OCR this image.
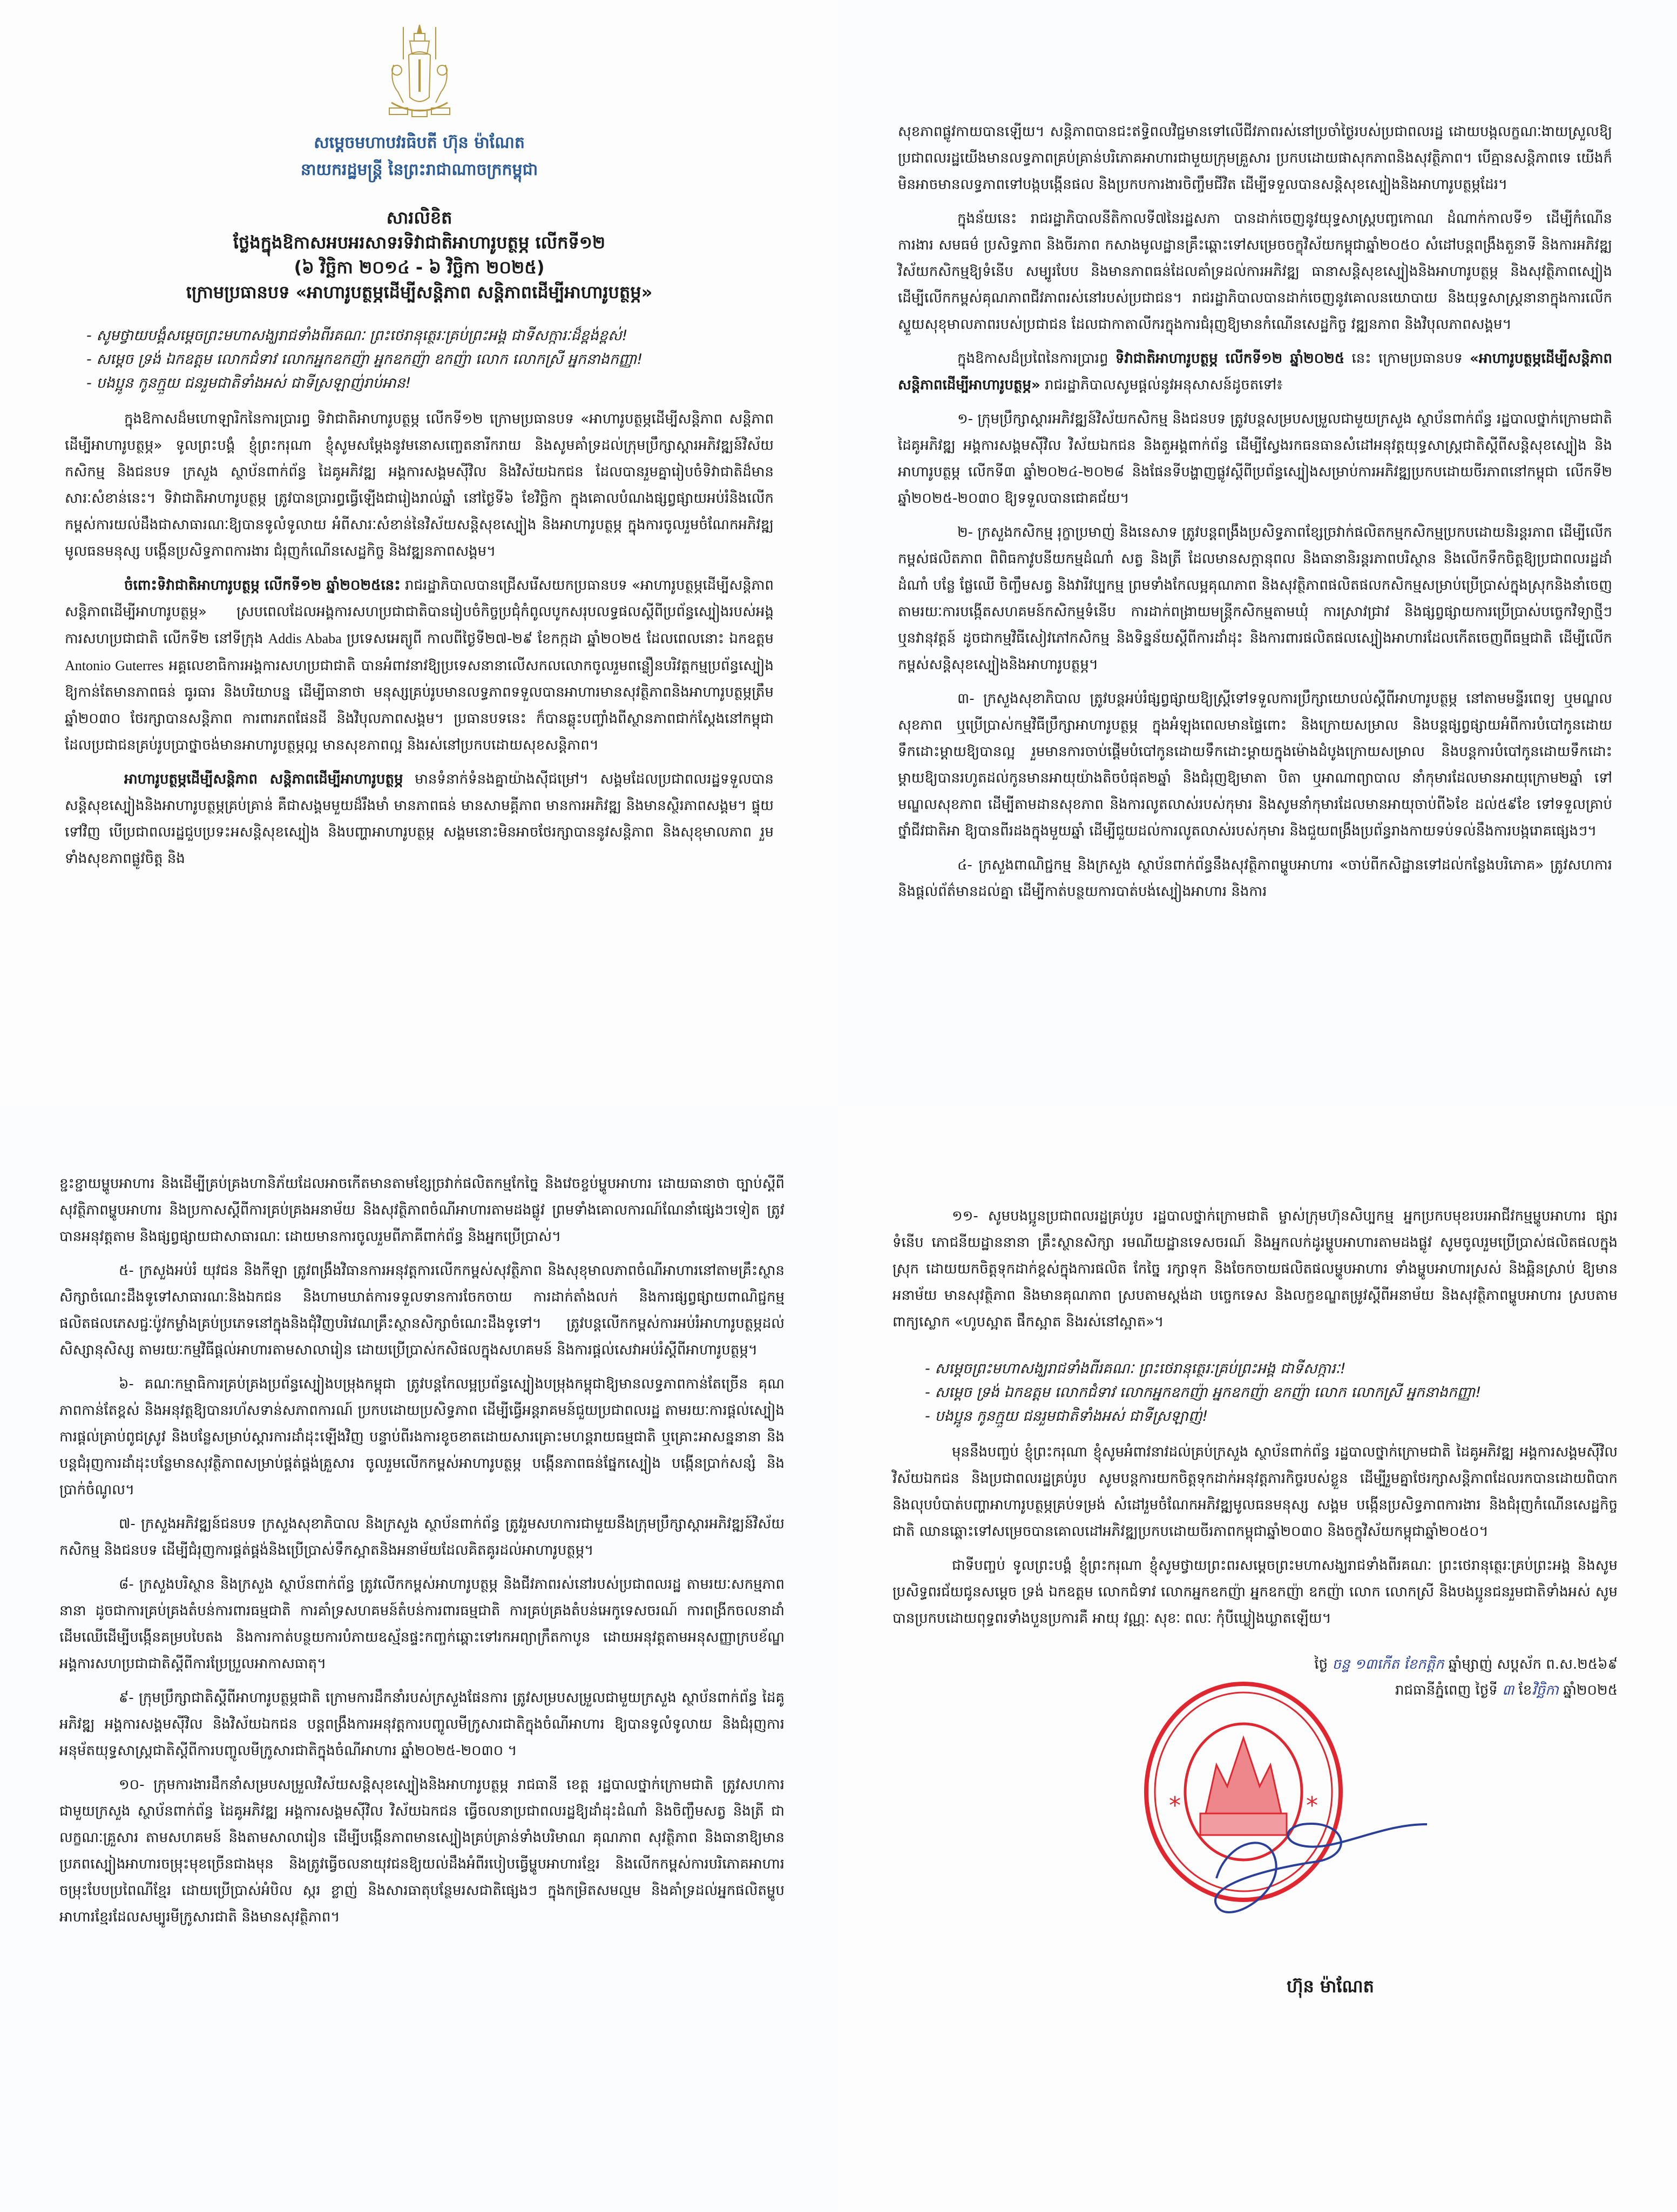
សម្តេចមហាបវរធិបតី ហ៊ុន ម៉ាណែត
នាយករដ្ឋមន្ត្រី នៃព្រះរាជាណាចក្រកម្ពុជា
សារលិខិត
ថ្លែងក្នុងឱកាសអបអរសាទរទិវាជាតិអាហារូបត្ថម្ភ លើកទី១២
(៦ វិច្ឆិកា ២០១៤ - ៦ វិច្ឆិកា ២០២៥)
ក្រោមប្រធានបទ «អាហារូបត្ថម្ភដើម្បីសន្តិភាព សន្តិភាពដើម្បីអាហារូបត្ថម្ភ»

- សូមថ្វាយបង្គំសម្តេចព្រះមហាសង្ឃរាជទាំងពីរគណៈ ព្រះថេរានុត្ថេរៈគ្រប់ព្រះអង្គ ជាទីសក្ការៈដ៏ខ្ពង់ខ្ពស់!

- សម្តេច ទ្រង់ ឯកឧត្តម លោកជំទាវ លោកអ្នកឧកញ៉ា អ្នកឧកញ៉ា ឧកញ៉ា លោក លោកស្រី អ្នកនាងកញ្ញា!

- បងប្អូន កូនក្មួយ ជនរួមជាតិទាំងអស់ ជាទីស្រឡាញ់រាប់អាន!

ក្នុងឱកាសដ៏មហោឡារិកនៃការប្រារព្ធ ទិវាជាតិអាហារូបត្ថម្ភ លើកទី១២ ក្រោមប្រធានបទ «អាហារូបត្ថម្ភដើម្បីសន្តិភាព សន្តិភាពដើម្បីអាហារូបត្ថម្ភ» ទូលព្រះបង្គំ ខ្ញុំព្រះករុណា ខ្ញុំសូមសម្តែងនូវមនោសញ្ចេតនារីករាយ និងសូមគាំទ្រដល់ក្រុមប្រឹក្សាស្តារអភិវឌ្ឍន៍វិស័យកសិកម្ម និងជនបទ ក្រសួង ស្ថាប័នពាក់ព័ន្ធ ដៃគូអភិវឌ្ឍ អង្គការសង្គមស៊ីវិល និងវិស័យឯកជន ដែលបានរួមគ្នារៀបចំទិវាជាតិដ៏មានសារៈសំខាន់នេះ។ ទិវាជាតិអាហារូបត្ថម្ភ ត្រូវបានប្រារព្ធធ្វើឡើងជារៀងរាល់ឆ្នាំ នៅថ្ងៃទី៦ ខែវិច្ឆិកា ក្នុងគោលបំណងផ្សព្វផ្សាយអប់រំនិងលើកកម្ពស់ការយល់ដឹងជាសាធារណៈឱ្យបានទូលំទូលាយ អំពីសារៈសំខាន់នៃវិស័យសន្តិសុខស្បៀង និងអាហារូបត្ថម្ភ ក្នុងការចូលរួមចំណែកអភិវឌ្ឍមូលធនមនុស្ស បង្កើនប្រសិទ្ធភាពការងារ ជំរុញកំណើនសេដ្ឋកិច្ច និងវឌ្ឍនភាពសង្គម។

ចំពោះទិវាជាតិអាហារូបត្ថម្ភ លើកទី១២ ឆ្នាំ២០២៥នេះ រាជរដ្ឋាភិបាលបានជ្រើសរើសយកប្រធានបទ «អាហារូបត្ថម្ភដើម្បីសន្តិភាព សន្តិភាពដើម្បីអាហារូបត្ថម្ភ» ស្របពេលដែលអង្គការសហប្រជាជាតិបានរៀបចំកិច្ចប្រជុំកំពូលបូកសរុបលទ្ធផលស្តីពីប្រព័ន្ធស្បៀងរបស់អង្គការសហប្រជាជាតិ លើកទី២ នៅទីក្រុង Addis Ababa ប្រទេសអេត្យូពី កាលពីថ្ងៃទី២៧-២៩ ខែកក្កដា ឆ្នាំ២០២៥ ដែលពេលនោះ ឯកឧត្តម Antonio Guterres អគ្គលេខាធិការអង្គការសហប្រជាជាតិ បានអំពាវនាវឱ្យប្រទេសនានាលើសកលលោកចូលរួមពន្លឿនបរិវត្តកម្មប្រព័ន្ធស្បៀង ឱ្យកាន់តែមានភាពធន់ ធូរធារ និងបរិយាបន្ន ដើម្បីធានាថា មនុស្សគ្រប់រូបមានលទ្ធភាពទទួលបានអាហារមានសុវត្ថិភាពនិងអាហារូបត្ថម្ភត្រឹមឆ្នាំ២០៣០ ថែរក្សាបានសន្តិភាព ការពារភពផែនដី និងវិបុលភាពសង្គម។ ប្រធានបទនេះ ក៏បានឆ្លុះបញ្ចាំងពីស្ថានភាពជាក់ស្តែងនៅកម្ពុជា ដែលប្រជាជនគ្រប់រូបប្រាថ្នាចង់មានអាហារូបត្ថម្ភល្អ មានសុខភាពល្អ និងរស់នៅប្រកបដោយសុខសន្តិភាព។

អាហារូបត្ថម្ភដើម្បីសន្តិភាព សន្តិភាពដើម្បីអាហារូបត្ថម្ភ មានទំនាក់ទំនងគ្នាយ៉ាងស៊ីជម្រៅ។ សង្គមដែលប្រជាពលរដ្ឋទទួលបានសន្តិសុខស្បៀងនិងអាហារូបត្ថម្ភគ្រប់គ្រាន់ គឺជាសង្គមមួយដ៏រឹងមាំ មានភាពធន់ មានសាមគ្គីភាព មានការអភិវឌ្ឍ និងមានស្ថិរភាពសង្គម។ ផ្ទុយទៅវិញ បើប្រជាពលរដ្ឋជួបប្រទះអសន្តិសុខស្បៀង និងបញ្ហាអាហារូបត្ថម្ភ សង្គមនោះមិនអាចថែរក្សាបាននូវសន្តិភាព និងសុខុមាលភាព រួមទាំងសុខភាពផ្លូវចិត្ត និង

សុខភាពផ្លូវកាយបានឡើយ។ សន្តិភាពបានជះឥទ្ធិពលវិជ្ជមានទៅលើជីវភាពរស់នៅប្រចាំថ្ងៃរបស់ប្រជាពលរដ្ឋ ដោយបង្កលក្ខណៈងាយស្រួលឱ្យប្រជាពលរដ្ឋយើងមានលទ្ធភាពគ្រប់គ្រាន់បរិភោគអាហារជាមួយក្រុមគ្រួសារ ប្រកបដោយផាសុកភាពនិងសុវត្ថិភាព។ បើគ្មានសន្តិភាពទេ យើងក៏មិនអាចមានលទ្ធភាពទៅបង្កបង្កើនផល និងប្រកបការងារចិញ្ចឹមជីវិត ដើម្បីទទួលបានសន្តិសុខស្បៀងនិងអាហារូបត្ថម្ភដែរ។

ក្នុងន័យនេះ រាជរដ្ឋាភិបាលនីតិកាលទី៧នៃរដ្ឋសភា បានដាក់ចេញនូវយុទ្ធសាស្ត្របញ្ចកោណ ដំណាក់កាលទី១ ដើម្បីកំណើន ការងារ សមធម៌ ប្រសិទ្ធភាព និងចីរភាព កសាងមូលដ្ឋានគ្រឹះឆ្ពោះទៅសម្រេចចក្ខុវិស័យកម្ពុជាឆ្នាំ២០៥០ សំដៅបន្តពង្រឹងតួនាទី និងការអភិវឌ្ឍវិស័យកសិកម្មឱ្យទំនើប សម្បូរបែប និងមានភាពធន់ដែលគាំទ្រដល់ការអភិវឌ្ឍ ធានាសន្តិសុខស្បៀងនិងអាហារូបត្ថម្ភ និងសុវត្ថិភាពស្បៀង ដើម្បីលើកកម្ពស់គុណភាពជីវភាពរស់នៅរបស់ប្រជាជន។ រាជរដ្ឋាភិបាលបានដាក់ចេញនូវគោលនយោបាយ និងយុទ្ធសាស្ត្រនានាក្នុងការលើកស្ទួយសុខុមាលភាពរបស់ប្រជាជន ដែលជាកាតាលីករក្នុងការជំរុញឱ្យមានកំណើនសេដ្ឋកិច្ច វឌ្ឍនភាព និងវិបុលភាពសង្គម។

ក្នុងឱកាសដ៏ប្រពៃនៃការប្រារព្ធ ទិវាជាតិអាហារូបត្ថម្ភ លើកទី១២ ឆ្នាំ២០២៥ នេះ ក្រោមប្រធានបទ «អាហារូបត្ថម្ភដើម្បីសន្តិភាព សន្តិភាពដើម្បីអាហារូបត្ថម្ភ» រាជរដ្ឋាភិបាលសូមផ្តល់នូវអនុសាសន៍ដូចតទៅ៖

១- ក្រុមប្រឹក្សាស្តារអភិវឌ្ឍន៍វិស័យកសិកម្ម និងជនបទ ត្រូវបន្តសម្របសម្រួលជាមួយក្រសួង ស្ថាប័នពាក់ព័ន្ធ រដ្ឋបាលថ្នាក់ក្រោមជាតិ ដៃគូអភិវឌ្ឍ អង្គការសង្គមស៊ីវិល វិស័យឯកជន និងតួអង្គពាក់ព័ន្ធ ដើម្បីស្វែងរកធនធានសំដៅអនុវត្តយុទ្ធសាស្ត្រជាតិស្តីពីសន្តិសុខស្បៀង និងអាហារូបត្ថម្ភ លើកទី៣ ឆ្នាំ២០២៤-២០២៨ និងផែនទីបង្ហាញផ្លូវស្តីពីប្រព័ន្ធស្បៀងសម្រាប់ការអភិវឌ្ឍប្រកបដោយចីរភាពនៅកម្ពុជា លើកទី២ ឆ្នាំ២០២៥-២០៣០ ឱ្យទទួលបានជោគជ័យ។

២- ក្រសួងកសិកម្ម រុក្ខាប្រមាញ់ និងនេសាទ ត្រូវបន្តពង្រឹងប្រសិទ្ធភាពខ្សែច្រវាក់ផលិតកម្មកសិកម្មប្រកបដោយនិរន្តរភាព ដើម្បីលើកកម្ពស់ផលិតភាព ពិពិធកាវូបនីយកម្មដំណាំ សត្វ និងត្រី ដែលមានសក្តានុពល និងធានានិរន្តរភាពបរិស្ថាន និងលើកទឹកចិត្តឱ្យប្រជាពលរដ្ឋដាំដំណាំ បន្លែ ផ្លែឈើ ចិញ្ចឹមសត្វ និងវារីវប្បកម្ម ព្រមទាំងកែលម្អគុណភាព និងសុវត្ថិភាពផលិតផលកសិកម្មសម្រាប់ប្រើប្រាស់ក្នុងស្រុកនិងនាំចេញ តាមរយៈការបង្កើតសហគមន៍កសិកម្មទំនើប ការដាក់ពង្រាយមន្ត្រីកសិកម្មតាមឃុំ ការស្រាវជ្រាវ និងផ្សព្វផ្សាយការប្រើប្រាស់បច្ចេកវិទ្យាថ្មីៗ ឬនវានុវត្តន៍ ដូចជាកម្មវិធីសៀវភៅកសិកម្ម និងទិន្នន័យស្តីពីការដាំដុះ និងការពារផលិតផលស្បៀងអាហារដែលកើតចេញពីធម្មជាតិ ដើម្បីលើកកម្ពស់សន្តិសុខស្បៀងនិងអាហារូបត្ថម្ភ។

៣- ក្រសួងសុខាភិបាល ត្រូវបន្តអប់រំផ្សព្វផ្សាយឱ្យស្ត្រីទៅទទួលការប្រឹក្សាយោបល់ស្តីពីអាហារូបត្ថម្ភ នៅតាមមន្ទីរពេទ្យ ឬមណ្ឌលសុខភាព ឬប្រើប្រាស់កម្មវិធីប្រឹក្សាអាហារូបត្ថម្ភ ក្នុងអំឡុងពេលមានផ្ទៃពោះ និងក្រោយសម្រាល និងបន្តផ្សព្វផ្សាយអំពីការបំបៅកូនដោយទឹកដោះម្តាយឱ្យបានល្អ រួមមានការចាប់ផ្តើមបំបៅកូនដោយទឹកដោះម្តាយក្នុងម៉ោងដំបូងក្រោយសម្រាល និងបន្តការបំបៅកូនដោយទឹកដោះម្តាយឱ្យបានរហូតដល់កូនមានអាយុយ៉ាងតិចបំផុត២ឆ្នាំ និងជំរុញឱ្យមាតា បិតា ឬអាណាព្យាបាល នាំកុមារដែលមានអាយុក្រោម២ឆ្នាំ ទៅមណ្ឌលសុខភាព ដើម្បីតាមដានសុខភាព និងការលូតលាស់របស់កុមារ និងសូមនាំកុមារដែលមានអាយុចាប់ពី៦ខែ ដល់៥៩ខែ ទៅទទួលគ្រាប់ថ្នាំជីវជាតិអា ឱ្យបានពីរដងក្នុងមួយឆ្នាំ ដើម្បីជួយដល់ការលូតលាស់របស់កុមារ និងជួយពង្រឹងប្រព័ន្ធរាងកាយទប់ទល់នឹងការបង្ករោគផ្សេងៗ។

៤- ក្រសួងពាណិជ្ជកម្ម និងក្រសួង ស្ថាប័នពាក់ព័ន្ធនឹងសុវត្ថិភាពម្ហូបអាហារ «ចាប់ពីកសិដ្ឋានទៅដល់កន្លែងបរិភោគ» ត្រូវសហការ និងផ្តល់ព័ត៌មានដល់គ្នា ដើម្បីកាត់បន្ថយការបាត់បង់ស្បៀងអាហារ និងការ

ខ្ជះខ្ជាយម្ហូបអាហារ និងដើម្បីគ្រប់គ្រងហានិភ័យដែលអាចកើតមានតាមខ្សែច្រវាក់ផលិតកម្មកែច្នៃ និងវេចខ្ចប់ម្ហូបអាហារ ដោយធានាថា ច្បាប់ស្តីពីសុវត្ថិភាពម្ហូបអាហារ និងប្រកាសស្តីពីការគ្រប់គ្រងអនាម័យ និងសុវត្ថិភាពចំណីអាហារតាមដងផ្លូវ ព្រមទាំងគោលការណ៍ណែនាំផ្សេងៗទៀត ត្រូវបានអនុវត្តតាម និងផ្សព្វផ្សាយជាសាធារណៈ ដោយមានការចូលរួមពីភាគីពាក់ព័ន្ធ និងអ្នកប្រើប្រាស់។

៥- ក្រសួងអប់រំ យុវជន និងកីឡា ត្រូវពង្រឹងវិធានការអនុវត្តការលើកកម្ពស់សុវត្ថិភាព និងសុខុមាលភាពចំណីអាហារនៅតាមគ្រឹះស្ថានសិក្សាចំណេះដឹងទូទៅសាធារណៈនិងឯកជន និងហាមឃាត់ការទទួលទានការចែកចាយ ការដាក់តាំងលក់ និងការផ្សព្វផ្សាយពាណិជ្ជកម្មផលិតផលភេសជ្ជៈប៉ូវកម្លាំងគ្រប់ប្រភេទនៅក្នុងនិងជុំវិញបរិវេណគ្រឹះស្ថានសិក្សាចំណេះដឹងទូទៅ។ ត្រូវបន្តលើកកម្ពស់ការអប់រំអាហារូបត្ថម្ភដល់សិស្សានុសិស្ស តាមរយៈកម្មវិធីផ្តល់អាហារតាមសាលារៀន ដោយប្រើប្រាស់កសិផលក្នុងសហគមន៍ និងការផ្តល់សេវាអប់រំស្តីពីអាហារូបត្ថម្ភ។

៦- គណៈកម្មាធិការគ្រប់គ្រងប្រព័ន្ធស្បៀងបម្រុងកម្ពុជា ត្រូវបន្តកែលម្អប្រព័ន្ធស្បៀងបម្រុងកម្ពុជាឱ្យមានលទ្ធភាពកាន់តែច្រើន គុណភាពកាន់តែខ្ពស់ និងអនុវត្តឱ្យបានរហ័សទាន់សភាពការណ៍ ប្រកបដោយប្រសិទ្ធភាព ដើម្បីធ្វើអន្តរាគមន៍ជួយប្រជាពលរដ្ឋ តាមរយៈការផ្តល់ស្បៀង ការផ្តល់គ្រាប់ពូជស្រូវ និងបន្លែសម្រាប់ស្តារការដាំដុះឡើងវិញ បន្ទាប់ពីរងការខូចខាតដោយសារគ្រោះមហន្តរាយធម្មជាតិ ឬគ្រោះអាសន្ននានា និងបន្តជំរុញការដាំដុះបន្លែមានសុវត្ថិភាពសម្រាប់ផ្គត់ផ្គង់គ្រួសារ ចូលរួមលើកកម្ពស់អាហារូបត្ថម្ភ បង្កើនភាពធន់ផ្នែកស្បៀង បង្កើនប្រាក់សន្សំ និងប្រាក់ចំណូល។

៧- ក្រសួងអភិវឌ្ឍន៍ជនបទ ក្រសួងសុខាភិបាល និងក្រសួង ស្ថាប័នពាក់ព័ន្ធ ត្រូវរួមសហការជាមួយនឹងក្រុមប្រឹក្សាស្តារអភិវឌ្ឍន៍វិស័យកសិកម្ម និងជនបទ ដើម្បីជំរុញការផ្គត់ផ្គង់និងប្រើប្រាស់ទឹកស្អាតនិងអនាម័យដែលគិតគូរដល់អាហារូបត្ថម្ភ។

៨- ក្រសួងបរិស្ថាន និងក្រសួង ស្ថាប័នពាក់ព័ន្ធ ត្រូវលើកកម្ពស់អាហារូបត្ថម្ភ និងជីវភាពរស់នៅរបស់ប្រជាពលរដ្ឋ តាមរយៈសកម្មភាពនានា ដូចជាការគ្រប់គ្រងតំបន់ការពារធម្មជាតិ ការគាំទ្រសហគមន៍តំបន់ការពារធម្មជាតិ ការគ្រប់គ្រងតំបន់អេកូទេសចរណ៍ ការពង្រីកចលនាដាំដើមឈើដើម្បីបង្កើនគម្របបៃតង និងការកាត់បន្ថយការបំភាយឧស្ម័នផ្ទះកញ្ចក់ឆ្ពោះទៅរកអព្យាក្រឹតកាបូន ដោយអនុវត្តតាមអនុសញ្ញាក្របខ័ណ្ឌអង្គការសហប្រជាជាតិស្តីពីការប្រែប្រួលអាកាសធាតុ។

៩- ក្រុមប្រឹក្សាជាតិស្តីពីអាហារូបត្ថម្ភជាតិ ក្រោមការដឹកនាំរបស់ក្រសួងផែនការ ត្រូវសម្របសម្រួលជាមួយក្រសួង ស្ថាប័នពាក់ព័ន្ធ ដៃគូអភិវឌ្ឍ អង្គការសង្គមស៊ីវិល និងវិស័យឯកជន បន្តពង្រឹងការអនុវត្តការបញ្ចូលមីក្រូសារជាតិក្នុងចំណីអាហារ ឱ្យបានទូលំទូលាយ និងជំរុញការអនុម័តយុទ្ធសាស្ត្រជាតិស្តីពីការបញ្ចូលមីក្រូសារជាតិក្នុងចំណីអាហារ ឆ្នាំ២០២៥-២០៣០ ។

១០- ក្រុមការងារដឹកនាំសម្របសម្រួលវិស័យសន្តិសុខស្បៀងនិងអាហារូបត្ថម្ភ រាជធានី ខេត្ត រដ្ឋបាលថ្នាក់ក្រោមជាតិ ត្រូវសហការជាមួយក្រសួង ស្ថាប័នពាក់ព័ន្ធ ដៃគូអភិវឌ្ឍ អង្គការសង្គមស៊ីវិល វិស័យឯកជន ធ្វើចលនាប្រជាពលរដ្ឋឱ្យដាំដុះដំណាំ និងចិញ្ចឹមសត្វ និងត្រី ជាលក្ខណៈគ្រួសារ តាមសហគមន៍ និងតាមសាលារៀន ដើម្បីបង្កើនភាពមានស្បៀងគ្រប់គ្រាន់ទាំងបរិមាណ គុណភាព សុវត្ថិភាព និងធានាឱ្យមានប្រភពស្បៀងអាហារចម្រុះមុខច្រើនជាងមុន និងត្រូវធ្វើចលនាយុវជនឱ្យយល់ដឹងអំពីរបៀបធ្វើម្ហូបអាហារខ្មែរ និងលើកកម្ពស់ការបរិភោគអាហារចម្រុះបែបប្រពៃណីខ្មែរ ដោយប្រើប្រាស់អំបិល ស្ករ ខ្លាញ់ និងសារធាតុបន្ថែមរសជាតិផ្សេងៗ ក្នុងកម្រិតសមល្មម និងគាំទ្រដល់អ្នកផលិតម្ហូបអាហារខ្មែរដែលសម្បូរមីក្រូសារជាតិ និងមានសុវត្ថិភាព។

១១- សូមបងប្អូនប្រជាពលរដ្ឋគ្រប់រូប រដ្ឋបាលថ្នាក់ក្រោមជាតិ ម្ចាស់ក្រុមហ៊ុនសិប្បកម្ម អ្នកប្រកបមុខរបរអាជីវកម្មម្ហូបអាហារ ផ្សារទំនើប ភោជនីយដ្ឋាននានា គ្រឹះស្ថានសិក្សា រមណីយដ្ឋានទេសចរណ៍ និងអ្នកលក់ដូរម្ហូបអាហារតាមដងផ្លូវ សូមចូលរួមប្រើប្រាស់ផលិតផលក្នុងស្រុក ដោយយកចិត្តទុកដាក់ខ្ពស់ក្នុងការផលិត កែច្នៃ រក្សាទុក និងចែកចាយផលិតផលម្ហូបអាហារ ទាំងម្ហូបអាហារស្រស់ និងឆ្អិនស្រាប់ ឱ្យមានអនាម័យ មានសុវត្ថិភាព និងមានគុណភាព ស្របតាមស្តង់ដា បច្ចេកទេស និងលក្ខខណ្ឌតម្រូវស្តីពីអនាម័យ និងសុវត្ថិភាពម្ហូបអាហារ ស្របតាមពាក្យស្លោក «ហូបស្អាត ផឹកស្អាត និងរស់នៅស្អាត»។

- សម្តេចព្រះមហាសង្ឃរាជទាំងពីរគណៈ ព្រះថេរានុត្ថេរៈគ្រប់ព្រះអង្គ ជាទីសក្ការៈ!

- សម្តេច ទ្រង់ ឯកឧត្តម លោកជំទាវ លោកអ្នកឧកញ៉ា អ្នកឧកញ៉ា ឧកញ៉ា លោក លោកស្រី អ្នកនាងកញ្ញា!

- បងប្អូន កូនក្មួយ ជនរួមជាតិទាំងអស់ ជាទីស្រឡាញ់!

មុននឹងបញ្ចប់ ខ្ញុំព្រះករុណា ខ្ញុំសូមអំពាវនាវដល់គ្រប់ក្រសួង ស្ថាប័នពាក់ព័ន្ធ រដ្ឋបាលថ្នាក់ក្រោមជាតិ ដៃគូអភិវឌ្ឍ អង្គការសង្គមស៊ីវិល វិស័យឯកជន និងប្រជាពលរដ្ឋគ្រប់រូប សូមបន្តការយកចិត្តទុកដាក់អនុវត្តភារកិច្ចរបស់ខ្លួន ដើម្បីរួមគ្នាថែរក្សាសន្តិភាពដែលរកបានដោយពិបាក និងលុបបំបាត់បញ្ហាអាហារូបត្ថម្ភគ្រប់ទម្រង់ សំដៅរួមចំណែកអភិវឌ្ឍមូលធនមនុស្ស សង្គម បង្កើនប្រសិទ្ធភាពការងារ និងជំរុញកំណើនសេដ្ឋកិច្ចជាតិ ឈានឆ្ពោះទៅសម្រេចបានគោលដៅអភិវឌ្ឍប្រកបដោយចីរភាពកម្ពុជាឆ្នាំ២០៣០ និងចក្ខុវិស័យកម្ពុជាឆ្នាំ២០៥០។

ជាទីបញ្ចប់ ទូលព្រះបង្គំ ខ្ញុំព្រះករុណា ខ្ញុំសូមថ្វាយព្រះពរសម្តេចព្រះមហាសង្ឃរាជទាំងពីរគណៈ ព្រះថេរានុត្ថេរៈគ្រប់ព្រះអង្គ និងសូមប្រសិទ្ធពរជ័យជូនសម្តេច ទ្រង់ ឯកឧត្តម លោកជំទាវ លោកអ្នកឧកញ៉ា អ្នកឧកញ៉ា ឧកញ៉ា លោក លោកស្រី និងបងប្អូនជនរួមជាតិទាំងអស់ សូមបានប្រកបដោយពុទ្ធពរទាំងបួនប្រការគឺ អាយុ វណ្ណៈ សុខៈ ពលៈ កុំបីឃ្លៀងឃ្លាតឡើយ។

ថ្ងៃ ចន្ទ ១៣កើត ខែកត្តិក ឆ្នាំម្សាញ់ សប្តស័ក ព.ស.២៥៦៩
រាជធានីភ្នំពេញ ថ្ងៃទី ៣ ខែវិច្ឆិកា ឆ្នាំ២០២៥
*	*
ហ៊ុន ម៉ាណែត
